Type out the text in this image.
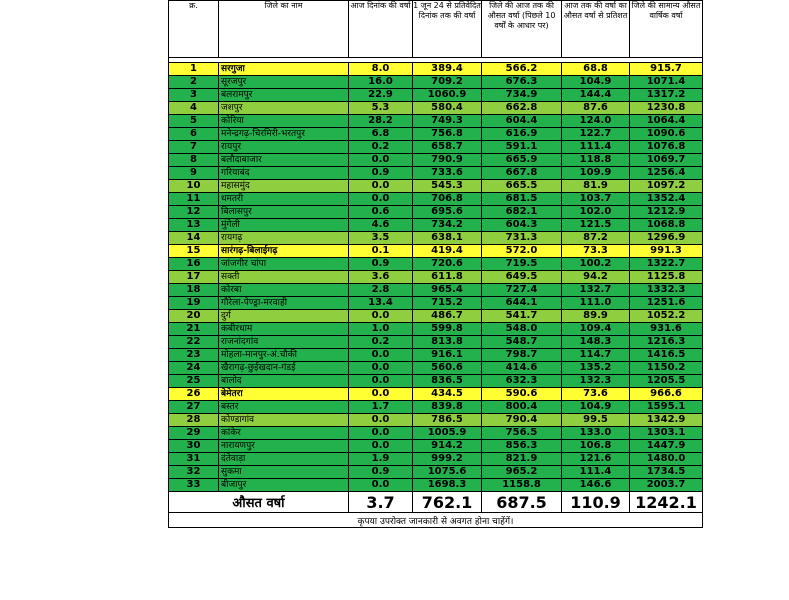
क्र.	जिले का नाम	आज दिनांक की वर्षा	1 जून 24 से प्रतिवेदित दिनांक तक की वर्षा	जिले की आज तक की औसत वर्षा (पिछले 10 वर्षों के आधार पर)	आज तक की वर्षा का औसत वर्षा से प्रतिशत	जिले की सामान्य औसत वार्षिक वर्षा

1	सरगुजा	8.0	389.4	566.2	68.8	915.7
2	सूरजपुर	16.0	709.2	676.3	104.9	1071.4
3	बलरामपुर	22.9	1060.9	734.9	144.4	1317.2
4	जशपुर	5.3	580.4	662.8	87.6	1230.8
5	कोरिया	28.2	749.3	604.4	124.0	1064.4
6	मनेन्द्रगढ़-चिरमिरी-भरतपुर	6.8	756.8	616.9	122.7	1090.6
7	रायपुर	0.2	658.7	591.1	111.4	1076.8
8	बलौदाबाजार	0.0	790.9	665.9	118.8	1069.7
9	गरियाबंद	0.9	733.6	667.8	109.9	1256.4
10	महासमुंद	0.0	545.3	665.5	81.9	1097.2
11	धमतरी	0.0	706.8	681.5	103.7	1352.4
12	बिलासपुर	0.6	695.6	682.1	102.0	1212.9
13	मुंगेली	4.6	734.2	604.3	121.5	1068.8
14	रायगढ़	3.5	638.1	731.3	87.2	1296.9
15	सारंगढ़-बिलाईगढ़	0.1	419.4	572.0	73.3	991.3
16	जांजगीर चांपा	0.9	720.6	719.5	100.2	1322.7
17	सक्ती	3.6	611.8	649.5	94.2	1125.8
18	कोरबा	2.8	965.4	727.4	132.7	1332.3
19	गौरेला-पेण्ड्रा-मरवाही	13.4	715.2	644.1	111.0	1251.6
20	दुर्ग	0.0	486.7	541.7	89.9	1052.2
21	कबीरधाम	1.0	599.8	548.0	109.4	931.6
22	राजनांदगांव	0.2	813.8	548.7	148.3	1216.3
23	मोहला-मानपुर-अं.चौकी	0.0	916.1	798.7	114.7	1416.5
24	खैरागढ़-छुईखदान-गंडई	0.0	560.6	414.6	135.2	1150.2
25	बालोद	0.0	836.5	632.3	132.3	1205.5
26	बेमेतरा	0.0	434.5	590.6	73.6	966.6
27	बस्तर	1.7	839.8	800.4	104.9	1595.1
28	कोण्डागांव	0.0	786.5	790.4	99.5	1342.9
29	कांकेर	0.0	1005.9	756.5	133.0	1303.1
30	नारायणपुर	0.0	914.2	856.3	106.8	1447.9
31	दंतेवाड़ा	1.9	999.2	821.9	121.6	1480.0
32	सुकमा	0.9	1075.6	965.2	111.4	1734.5
33	बीजापुर	0.0	1698.3	1158.8	146.6	2003.7
औसत वर्षा		3.7	762.1	687.5	110.9	1242.1
कृपया उपरोक्त जानकारी से अवगत होना चाहेंगें।						
